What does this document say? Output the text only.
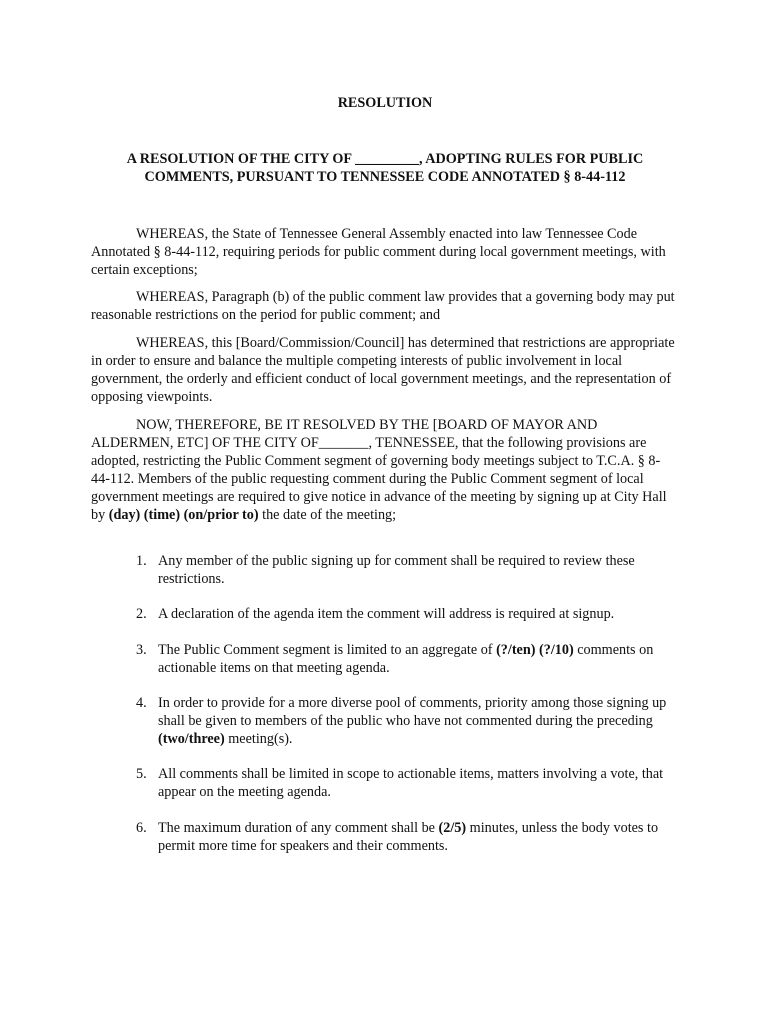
RESOLUTION
A RESOLUTION OF THE CITY OF _________, ADOPTING RULES FOR PUBLIC
COMMENTS, PURSUANT TO TENNESSEE CODE ANNOTATED § 8-44-112

WHEREAS, the State of Tennessee General Assembly enacted into law Tennessee Code Annotated § 8-44-112, requiring periods for public comment during local government meetings, with certain exceptions;

WHEREAS, Paragraph (b) of the public comment law provides that a governing body may put reasonable restrictions on the period for public comment; and

WHEREAS, this [Board/Commission/Council] has determined that restrictions are appropriate in order to ensure and balance the multiple competing interests of public involvement in local government, the orderly and efficient conduct of local government meetings, and the representation of opposing viewpoints.

NOW, THEREFORE, BE IT RESOLVED BY THE [BOARD OF MAYOR AND ALDERMEN, ETC] OF THE CITY OF_______, TENNESSEE, that the following provisions are adopted, restricting the Public Comment segment of governing body meetings subject to T.C.A. § 8-44-112. Members of the public requesting comment during the Public Comment segment of local government meetings are required to give notice in advance of the meeting by signing up at City Hall by (day) (time) (on/prior to) the date of the meeting;

1. Any member of the public signing up for comment shall be required to review these restrictions.
2. A declaration of the agenda item the comment will address is required at signup.
3. The Public Comment segment is limited to an aggregate of (?/ten) (?/10) comments on actionable items on that meeting agenda.
4. In order to provide for a more diverse pool of comments, priority among those signing up shall be given to members of the public who have not commented during the preceding (two/three) meeting(s).
5. All comments shall be limited in scope to actionable items, matters involving a vote, that appear on the meeting agenda.
6. The maximum duration of any comment shall be (2/5) minutes, unless the body votes to permit more time for speakers and their comments.
